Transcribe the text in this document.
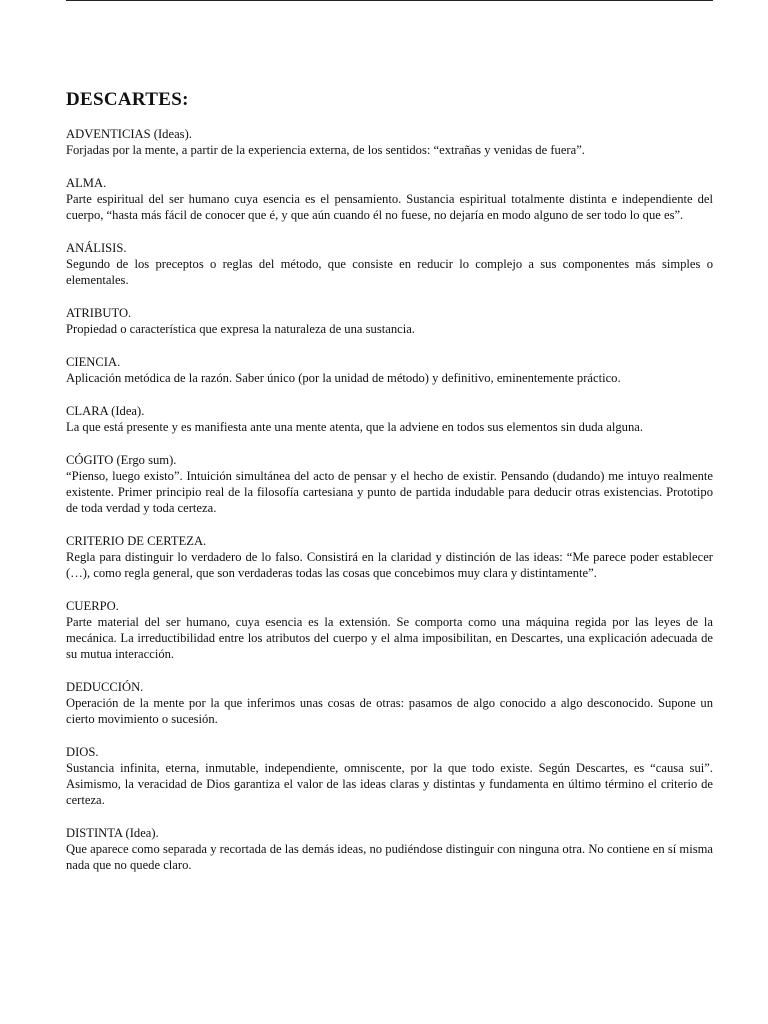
DESCARTES:
ADVENTICIAS (Ideas).
Forjadas por la mente, a partir de la experiencia externa, de los sentidos: “extrañas y venidas de fuera”.
ALMA.
Parte espiritual del ser humano cuya esencia es el pensamiento. Sustancia espiritual totalmente distinta e independiente del cuerpo, “hasta más fácil de conocer que é, y que aún cuando él no fuese, no dejaría en modo alguno de ser todo lo que es”.
ANÁLISIS.
Segundo de los preceptos o reglas del método, que consiste en reducir lo complejo a sus componentes más simples o elementales.
ATRIBUTO.
Propiedad o característica que expresa la naturaleza de una sustancia.
CIENCIA.
Aplicación metódica de la razón. Saber único (por la unidad de método) y definitivo, eminentemente práctico.
CLARA (Idea).
La que está presente y es manifiesta ante una mente atenta, que la adviene en todos sus elementos sin duda alguna.
CÓGITO (Ergo sum).
“Pienso, luego existo”. Intuición simultánea del acto de pensar y el hecho de existir. Pensando (dudando) me intuyo realmente existente. Primer principio real de la filosofía cartesiana y punto de partida indudable para deducir otras existencias. Prototipo de toda verdad y toda certeza.
CRITERIO DE CERTEZA.
Regla para distinguir lo verdadero de lo falso. Consistirá en la claridad y distinción de las ideas: “Me parece poder establecer (…), como regla general, que son verdaderas todas las cosas que concebimos muy clara y distintamente”.
CUERPO.
Parte material del ser humano, cuya esencia es la extensión. Se comporta como una máquina regida por las leyes de la mecánica. La irreductibilidad entre los atributos del cuerpo y el alma imposibilitan, en Descartes, una explicación adecuada de su mutua interacción.
DEDUCCIÓN.
Operación de la mente por la que inferimos unas cosas de otras: pasamos de algo conocido a algo desconocido. Supone un cierto movimiento o sucesión.
DIOS.
Sustancia infinita, eterna, inmutable, independiente, omniscente, por la que todo existe. Según Descartes, es “causa sui”. Asimismo, la veracidad de Dios garantiza el valor de las ideas claras y distintas y fundamenta en último término el criterio de certeza.
DISTINTA (Idea).
Que aparece como separada y recortada de las demás ideas, no pudiéndose distinguir con ninguna otra. No contiene en sí misma nada que no quede claro.
